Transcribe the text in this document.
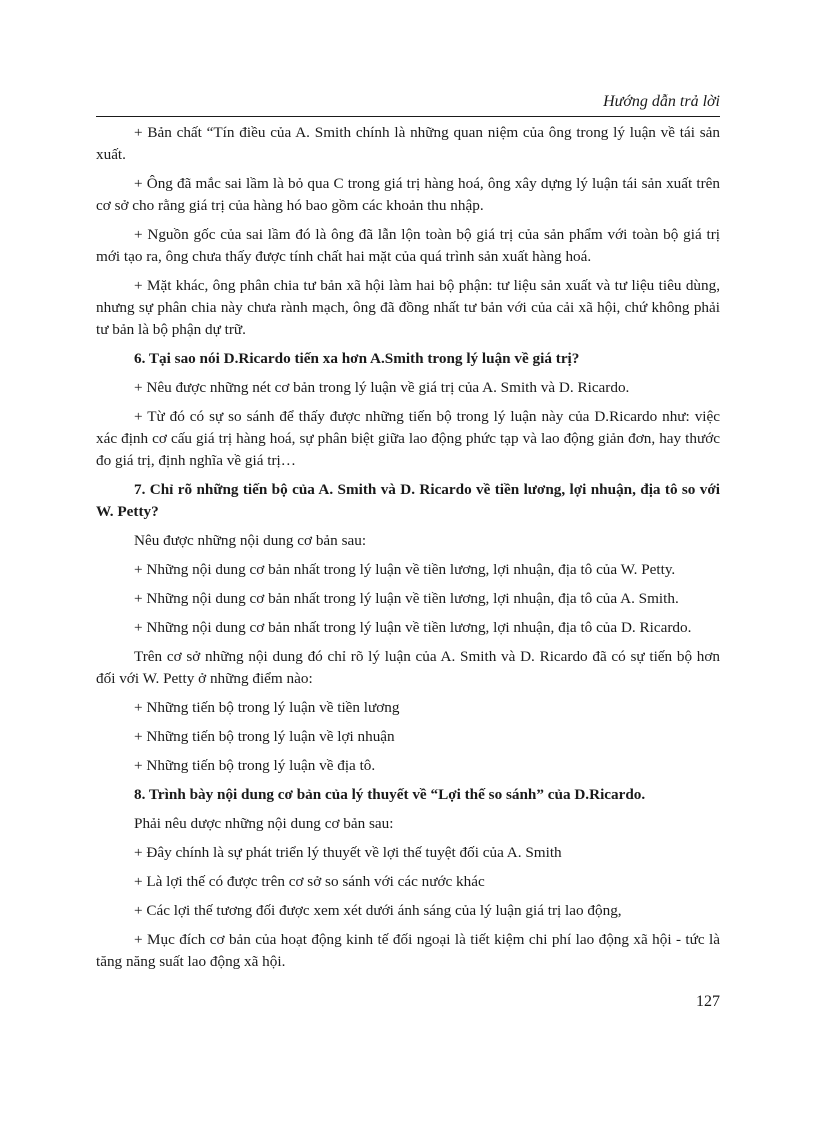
Hướng dẫn trả lời

+ Bản chất “Tín điều của A. Smith chính là những quan niệm của ông trong lý luận về tái sản xuất.

+ Ông đã mắc sai lầm là bỏ qua C trong giá trị hàng hoá, ông xây dựng lý luận tái sản xuất trên cơ sở cho rằng giá trị của hàng hó bao gồm các khoản thu nhập.

+ Nguồn gốc của sai lầm đó là ông đã lẫn lộn toàn bộ giá trị của sản phẩm với toàn bộ giá trị mới tạo ra, ông chưa thấy được tính chất hai mặt của quá trình sản xuất hàng hoá.

+ Mặt khác, ông phân chia tư bản xã hội làm hai bộ phận: tư liệu sản xuất và tư liệu tiêu dùng, nhưng sự phân chia này chưa rành mạch, ông đã đồng nhất tư bản với của cải xã hội, chứ không phải tư bản là bộ phận dự trữ.

6. Tại sao nói D.Ricardo tiến xa hơn A.Smith trong lý luận về giá trị?

+ Nêu được những nét cơ bản trong lý luận về giá trị của A. Smith và D. Ricardo.

+ Từ đó có sự so sánh để thấy được những tiến bộ trong lý luận này của D.Ricardo như: việc xác định cơ cấu giá trị hàng hoá, sự phân biệt giữa lao động phức tạp và lao động giản đơn, hay thước đo giá trị, định nghĩa về giá trị…

7. Chỉ rõ những tiến bộ của A. Smith và D. Ricardo về tiền lương, lợi nhuận, địa tô so với W. Petty?

Nêu được những nội dung cơ bản sau:

+ Những nội dung cơ bản nhất trong lý luận về tiền lương, lợi nhuận, địa tô của W. Petty.

+ Những nội dung cơ bản nhất trong lý luận về tiền lương, lợi nhuận, địa tô của A. Smith.

+ Những nội dung cơ bản nhất trong lý luận về tiền lương, lợi nhuận, địa tô của D. Ricardo.

Trên cơ sở những nội dung đó chỉ rõ lý luận của A. Smith và D. Ricardo đã có sự tiến bộ hơn đối với W. Petty ở những điểm nào:

+ Những tiến bộ trong lý luận về tiền lương

+ Những tiến bộ trong lý luận về lợi nhuận

+ Những tiến bộ trong lý luận về địa tô.

8. Trình bày nội dung cơ bản của lý thuyết về “Lợi thế so sánh” của D.Ricardo.

Phải nêu dược những nội dung cơ bản sau:

+ Đây chính là sự phát triển lý thuyết về lợi thế tuyệt đối của A. Smith

+ Là lợi thế có được trên cơ sở so sánh với các nước khác

+ Các lợi thế tương đối được xem xét dưới ánh sáng của lý luận giá trị lao động,

+ Mục đích cơ bản của hoạt động kinh tế đối ngoại là tiết kiệm chi phí lao động xã hội - tức là tăng năng suất lao động xã hội.

127
